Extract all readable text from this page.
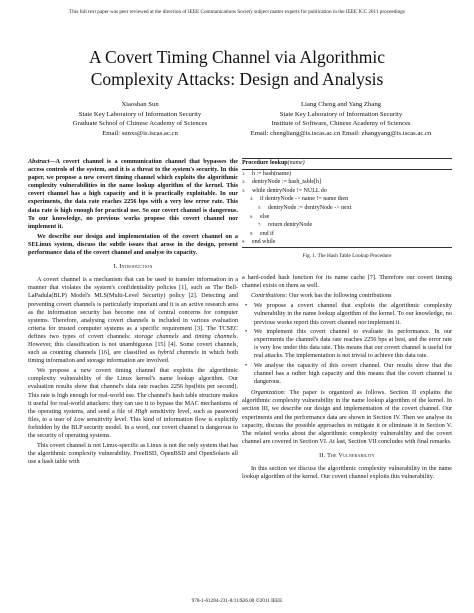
This full text paper was peer reviewed at the direction of IEEE Communications Society subject matter experts for publication in the IEEE ICC 2011 proceedings
A Covert Timing Channel via Algorithmic
Complexity Attacks: Design and Analysis
Xiaoshan Sun
State Key Laboratory of Information Security
Graduate School of Chinese Academy of Sciences
Email: sunxs@is.iscas.ac.cn
Liang Cheng and Yang Zhang
State Key Laboratory of Information Security
Institute of Software, Chinese Academy of Sciences
Email: chengliang@is.iscas.ac.cn Email: zhangyang@is.iscas.ac.cn

Abstract—A covert channel is a communication channel that bypasses the access controls of the system, and it is a threat to the system's security. In this paper, we propose a new covert timing channel which exploits the algorithmic complexity vulnerabilities in the name lookup algorithm of the kernel. This covert channel has a high capacity and it is practically exploitable. In our experiments, the data rate reaches 2256 bps with a very low error rate. This data rate is high enough for practical use. So our covert channel is dangerous. To our knowledge, no previous works propose this covert channel nor implement it.

We describe our design and implementation of the covert channel on a SELinux system, discuss the subtle issues that arose in the design, present performance data of the covert channel and analyse its capacity.

I. Introduction

A covert channel is a mechanism that can be used to transfer information in a manner that violates the system's confidentiality policies [1], such as The Bell-LaPadula(BLP) Model's MLS(Multi-Level Security) policy [2]. Detecting and preventing covert channels is particularly important and it is an active research area as the information security has become one of central concerns for computer systems. Therefore, analysing covert channels is included in various evaluation criteria for trusted computer systems as a specific requirement [3]. The TCSEC defines two types of covert channels: storage channels and timing channels. However, this classification is not unambiguous [15] [4]. Some covert channels, such as counting channels [16], are classified as hybrid channels in which both timing information and storage information are involved.

We propose a new covert timing channel that exploits the algorithmic complexity vulnerability of the Linux kernel's name lookup algorithm. Our evaluation results show that channel's data rate reaches 2256 bps(bits per second). This rate is high enough for real-world use. The channel's hash table structure makes it useful for real-world attackers: they can use it to bypass the MAC mechanisms of the operating systems, and send a file of High sensitivity level, such as password files, to a user of Low sensitivity level. This kind of information flow is explicitly forbidden by the BLP security model. In a word, our covert channel is dangerous to the security of operating systems.

This covert channel is not Linux-specific as Linux is not the only system that has the algorithmic complexity vulnerability. FreeBSD, OpenBSD and OpenSolaris all use a hash table with

Procedure lookup(name)
1: h := hash(name)
2: dentryNode := hash_table[h]
3: while dentryNode != NULL do
4: if dentryNode -> name != name then
5: dentryNode := dentryNode -> next
6: else
7: return dentryNode
8: end if
9: end while
Fig. 1. The Hash Table Lookup Procedure

a hard-coded hash function for its name cache [7]. Therefore our covert timing channel exists on them as well.

Contributions: Our work has the following contributions

• We propose a covert channel that exploits the algorithmic complexity vulnerability in the name lookup algorithm of the kernel. To our knowledge, no previous works report this covert channel nor implement it.
• We implement this covert channel to evaluate its performance. In our experiments the channel's data rate reaches 2256 bps at best, and the error rate is very low under this data rate. This means that our covert channel is useful for real attacks. The implementation is not trivial to achieve this data rate.
• We analyse the capacity of this covert channel. Our results show that the channel has a rather high capacity and this means that the covert channel is dangerous.

Organization: The paper is organized as follows. Section II explains the algorithmic complexity vulnerability in the name lookup algorithm of the kernel. In section III, we describe our design and implementation of the covert channel. Our experiments and the performance data are shown in Section IV. Then we analyse its capacity, discuss the possible approaches to mitigate it or eliminate it in Section V. The related works about the algorithmic complexity vulnerability and the covert channel are covered in Section VI. At last, Section VII concludes with final remarks.

II. The Vulnerability

In this section we discuss the algorithmic complexity vulnerability in the name lookup algorithm of the kernel. Our covert channel exploits this vulnerability.

978-1-61284-231-8/11/$26.00 ©2011 IEEE
